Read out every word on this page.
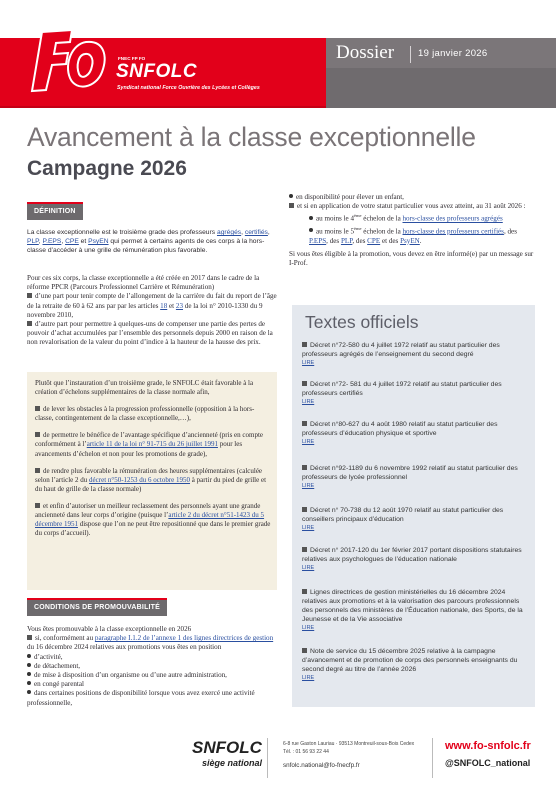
FNEC FP FO
SNFOLC
Syndicat national Force Ouvrière des Lycées et Collèges
Dossier	19 janvier 2026
Avancement à la classe exceptionnelle
Campagne 2026
DÉFINITION
La classe exceptionnelle est le troisième grade des professeurs agrégés, certifiés, PLP, P.EPS, CPE et PsyEN qui permet à certains agents de ces corps à la hors-classe d’accéder à une grille de rémunération plus favorable.
Pour ces six corps, la classe exceptionnelle a été créée en 2017 dans le cadre de la réforme PPCR (Parcours Professionnel Carrière et Rémunération)
d’une part pour tenir compte de l’allongement de la carrière du fait du report de l’âge de la retraite de 60 à 62 ans par par les articles 18 et 23 de la loi n° 2010-1330 du 9 novembre 2010,
d’autre part pour permettre à quelques-uns de compenser une partie des pertes de pouvoir d’achat accumulées par l’ensemble des personnels depuis 2000 en raison de la non revalorisation de la valeur du point d’indice à la hauteur de la hausse des prix.
Plutôt que l’instauration d’un troisième grade, le SNFOLC était favorable à la création d’échelons supplémentaires de la classe normale afin,
de lever les obstacles à la progression professionnelle (opposition à la hors-classe, contingentement de la classe exceptionnelle,…),
de permettre le bénéfice de l’avantage spécifique d’ancienneté (pris en compte conformément à l’article 11 de la loi n° 91-715 du 26 juillet 1991 pour les avancements d’échelon et non pour les promotions de grade),
de rendre plus favorable la rémunération des heures supplémentaires (calculée selon l’article 2 du décret n°50-1253 du 6 octobre 1950 à partir du pied de grille et du haut de grille de la classe normale)
et enfin d’autoriser un meilleur reclassement des personnels ayant une grande ancienneté dans leur corps d’origine (puisque l’article 2 du décret n°51-1423 du 5 décembre 1951 dispose que l’on ne peut être repositionné que dans le premier grade du corps d’accueil).
CONDITIONS DE PROMOUVABILITÉ
Vous êtes promouvable à la classe exceptionnelle en 2026
si, conformément au paragraphe I.1.2 de l’annexe 1 des lignes directrices de gestion du 16 décembre 2024 relatives aux promotions vous êtes en position
d’activité,
de détachement,
de mise à disposition d’un organisme ou d’une autre administration,
en congé parental
dans certaines positions de disponibilité lorsque vous avez exercé une activité professionnelle,
en disponibilité pour élever un enfant,
et si en application de votre statut particulier vous avez atteint, au 31 août 2026 :
au moins le 4ème échelon de la hors-classe des professeurs agrégés
au moins le 5ème échelon de la hors-classe des professeurs certifiés, des P.EPS, des PLP, des CPE et des PsyEN.
Si vous êtes éligible à la promotion, vous devez en être informé(e) par un message sur I-Prof.
Textes officiels
Décret n°72-580 du 4 juillet 1972 relatif au statut particulier des professeurs agrégés de l’enseignement du second degré
LIRE
Décret n°72- 581 du 4 juillet 1972 relatif au statut particulier des professeurs certifiés
LIRE
Décret n°80-627 du 4 août 1980 relatif au statut particulier des professeurs d’éducation physique et sportive
LIRE
Décret n°92-1189 du 6 novembre 1992 relatif au statut particulier des professeurs de lycée professionnel
LIRE
Décret n° 70-738 du 12 août 1970 relatif au statut particulier des conseillers principaux d’éducation
LIRE
Décret n° 2017-120 du 1er février 2017 portant dispositions statutaires relatives aux psychologues de l’éducation nationale
LIRE
Lignes directrices de gestion ministérielles du 16 décembre 2024 relatives aux promotions et à la valorisation des parcours professionnels des personnels des ministères de l’Éducation nationale, des Sports, de la Jeunesse et de la Vie associative
LIRE
Note de service du 15 décembre 2025 relative à la campagne d’avancement et de promotion de corps des personnels enseignants du second degré au titre de l’année 2026
LIRE
SNFOLC
siège national
6-8 rue Gaston Lauriau · 93513 Montreuil-sous-Bois Cedex
Tél. : 01 56 93 22 44
snfolc.national@fo-fnecfp.fr
www.fo-snfolc.fr
@SNFOLC_national
